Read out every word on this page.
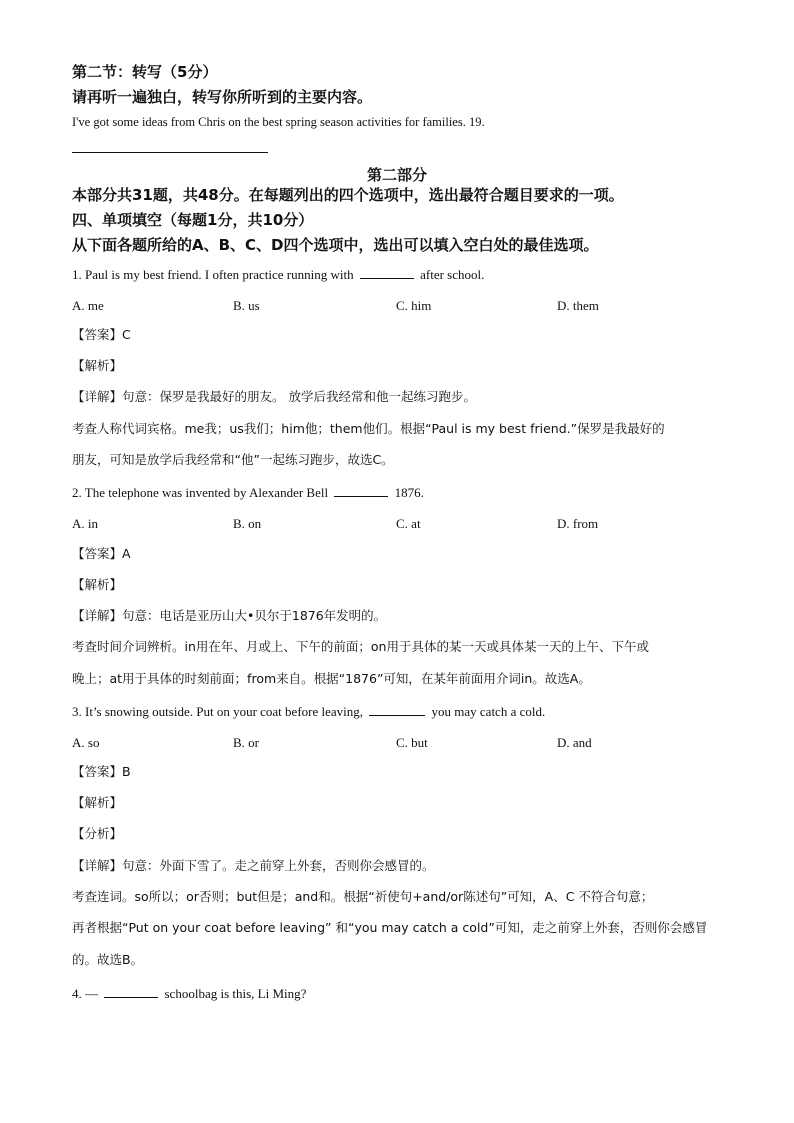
第二节：转写（5分）
请再听一遍独白，转写你所听到的主要内容。
I've got some ideas from Chris on the best spring season activities for families. 19.
第二部分
本部分共31题，共48分。在每题列出的四个选项中，选出最符合题目要求的一项。
四、单项填空（每题1分，共10分）
从下面各题所给的A、B、C、D四个选项中，选出可以填入空白处的最佳选项。
1. Paul is my best friend. I often practice running with	after school.
A. me	B. us	C. him	D. them
【答案】C
【解析】
【详解】句意：保罗是我最好的朋友。 放学后我经常和他一起练习跑步。
考查人称代词宾格。me我；us我们；him他；them他们。根据“Paul is my best friend.”保罗是我最好的
朋友，可知是放学后我经常和“他”一起练习跑步，故选C。
2. The telephone was invented by Alexander Bell	1876.
A. in	B. on	C. at	D. from
【答案】A
【解析】
【详解】句意：电话是亚历山大•贝尔于1876年发明的。
考查时间介词辨析。in用在年、月或上、下午的前面；on用于具体的某一天或具体某一天的上午、下午或
晚上；at用于具体的时刻前面；from来自。根据“1876”可知，在某年前面用介词in。故选A。
3. It’s snowing outside. Put on your coat before leaving,	you may catch a cold.
A. so	B. or	C. but	D. and
【答案】B
【解析】
【分析】
【详解】句意：外面下雪了。走之前穿上外套，否则你会感冒的。
考查连词。so所以；or否则；but但是；and和。根据“祈使句+and/or陈述句”可知，A、C 不符合句意；
再者根据“Put on your coat before leaving” 和“you may catch a cold”可知，走之前穿上外套，否则你会感冒
的。故选B。
4. —	schoolbag is this, Li Ming?
